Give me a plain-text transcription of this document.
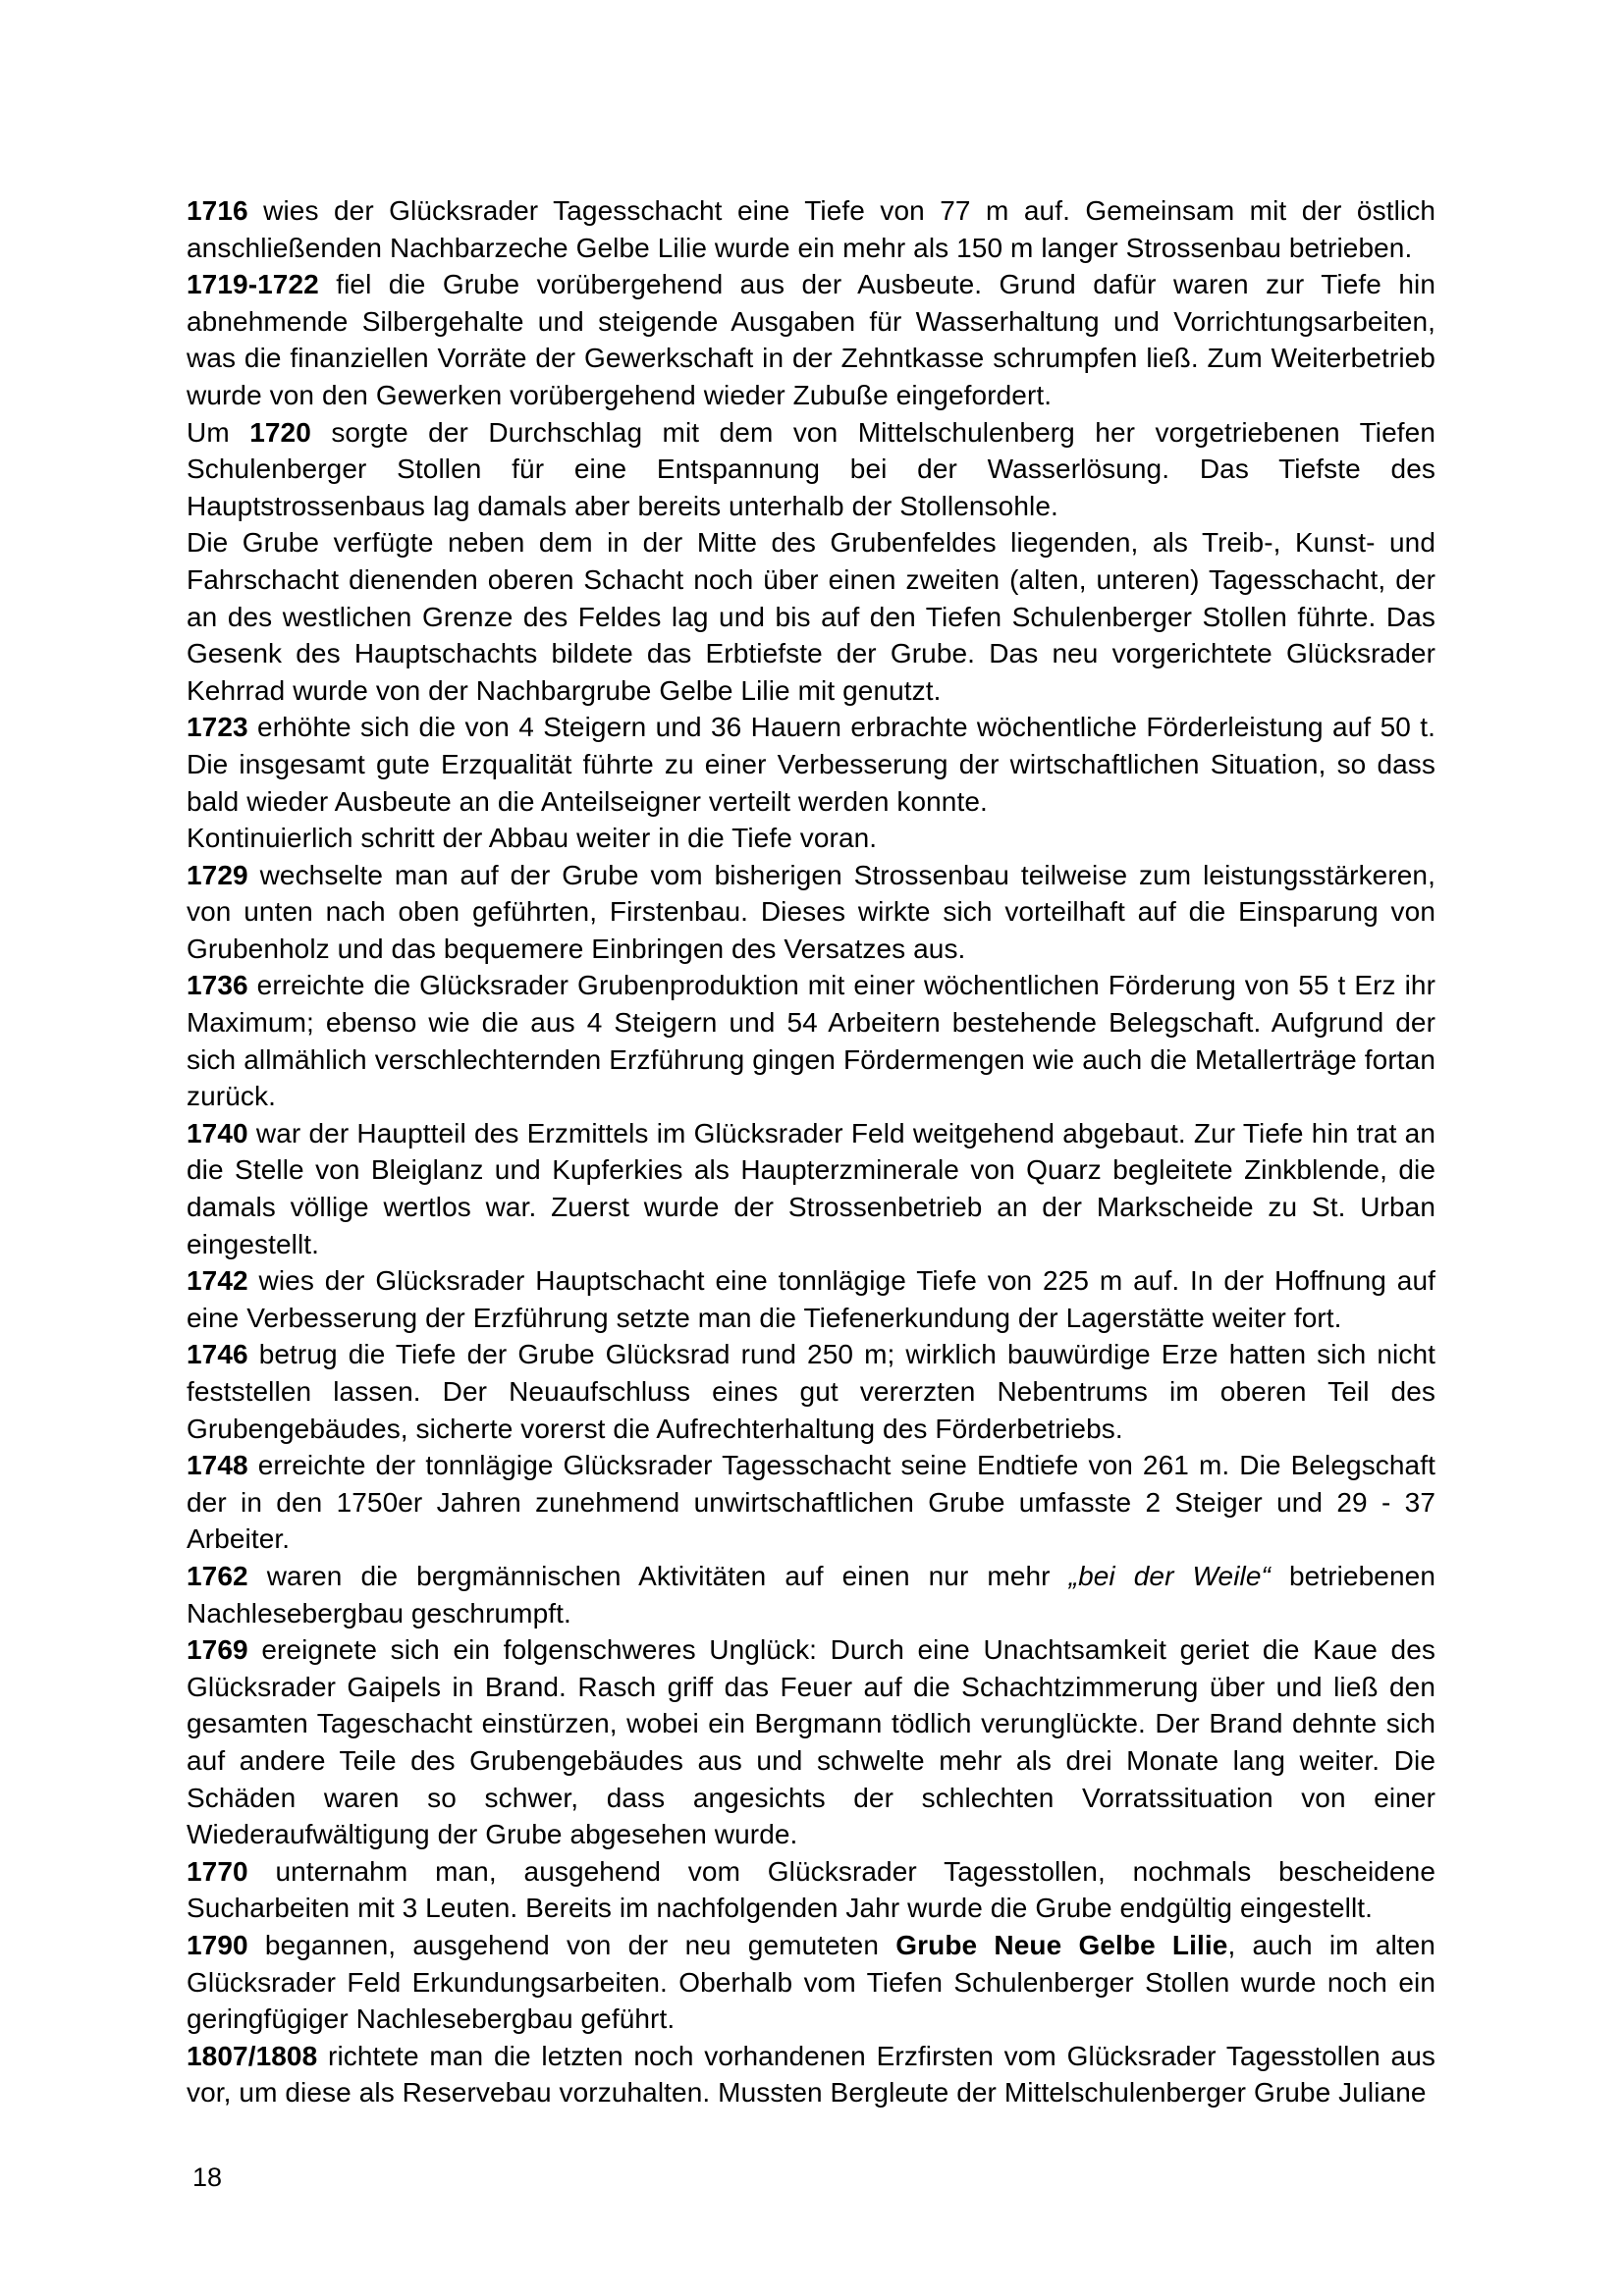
1716 wies der Glücksrader Tagesschacht eine Tiefe von 77 m auf. Gemeinsam mit der östlich anschließenden Nachbarzeche Gelbe Lilie wurde ein mehr als 150 m langer Strossenbau betrieben.

1719-1722 fiel die Grube vorübergehend aus der Ausbeute. Grund dafür waren zur Tiefe hin abnehmende Silbergehalte und steigende Ausgaben für Wasserhaltung und Vorrichtungsarbeiten, was die finanziellen Vorräte der Gewerkschaft in der Zehntkasse schrumpfen ließ. Zum Weiterbetrieb wurde von den Gewerken vorübergehend wieder Zubuße eingefordert.

Um 1720 sorgte der Durchschlag mit dem von Mittelschulenberg her vorgetriebenen Tiefen Schulenberger Stollen für eine Entspannung bei der Wasserlösung. Das Tiefste des Hauptstrossenbaus lag damals aber bereits unterhalb der Stollensohle.

Die Grube verfügte neben dem in der Mitte des Grubenfeldes liegenden, als Treib-, Kunst- und Fahrschacht dienenden oberen Schacht noch über einen zweiten (alten, unteren) Tagesschacht, der an des westlichen Grenze des Feldes lag und bis auf den Tiefen Schulenberger Stollen führte. Das Gesenk des Hauptschachts bildete das Erbtiefste der Grube. Das neu vorgerichtete Glücksrader Kehrrad wurde von der Nachbargrube Gelbe Lilie mit genutzt.

1723 erhöhte sich die von 4 Steigern und 36 Hauern erbrachte wöchentliche Förderleistung auf 50 t. Die insgesamt gute Erzqualität führte zu einer Verbesserung der wirtschaftlichen Situation, so dass bald wieder Ausbeute an die Anteilseigner verteilt werden konnte.

Kontinuierlich schritt der Abbau weiter in die Tiefe voran.

1729 wechselte man auf der Grube vom bisherigen Strossenbau teilweise zum leistungsstärkeren, von unten nach oben geführten, Firstenbau. Dieses wirkte sich vorteilhaft auf die Einsparung von Grubenholz und das bequemere Einbringen des Versatzes aus.

1736 erreichte die Glücksrader Grubenproduktion mit einer wöchentlichen Förderung von 55 t Erz ihr Maximum; ebenso wie die aus 4 Steigern und 54 Arbeitern bestehende Belegschaft. Aufgrund der sich allmählich verschlechternden Erzführung gingen Fördermengen wie auch die Metallerträge fortan zurück.

1740 war der Hauptteil des Erzmittels im Glücksrader Feld weitgehend abgebaut. Zur Tiefe hin trat an die Stelle von Bleiglanz und Kupferkies als Haupterzminerale von Quarz begleitete Zinkblende, die damals völlige wertlos war. Zuerst wurde der Strossenbetrieb an der Markscheide zu St. Urban eingestellt.

1742 wies der Glücksrader Hauptschacht eine tonnlägige Tiefe von 225 m auf. In der Hoffnung auf eine Verbesserung der Erzführung setzte man die Tiefenerkundung der Lagerstätte weiter fort.

1746 betrug die Tiefe der Grube Glücksrad rund 250 m; wirklich bauwürdige Erze hatten sich nicht feststellen lassen. Der Neuaufschluss eines gut vererzten Nebentrums im oberen Teil des Grubengebäudes, sicherte vorerst die Aufrechterhaltung des Förderbetriebs.

1748 erreichte der tonnlägige Glücksrader Tagesschacht seine Endtiefe von 261 m. Die Belegschaft der in den 1750er Jahren zunehmend unwirtschaftlichen Grube umfasste 2 Steiger und 29 - 37 Arbeiter.

1762 waren die bergmännischen Aktivitäten auf einen nur mehr „bei der Weile“ betriebenen Nachlesebergbau geschrumpft.

1769 ereignete sich ein folgenschweres Unglück: Durch eine Unachtsamkeit geriet die Kaue des Glücksrader Gaipels in Brand. Rasch griff das Feuer auf die Schachtzimmerung über und ließ den gesamten Tageschacht einstürzen, wobei ein Bergmann tödlich verunglückte. Der Brand dehnte sich auf andere Teile des Grubengebäudes aus und schwelte mehr als drei Monate lang weiter. Die Schäden waren so schwer, dass angesichts der schlechten Vorratssituation von einer Wiederaufwältigung der Grube abgesehen wurde.

1770 unternahm man, ausgehend vom Glücksrader Tagesstollen, nochmals bescheidene Sucharbeiten mit 3 Leuten. Bereits im nachfolgenden Jahr wurde die Grube endgültig eingestellt.

1790 begannen, ausgehend von der neu gemuteten Grube Neue Gelbe Lilie, auch im alten Glücksrader Feld Erkundungsarbeiten. Oberhalb vom Tiefen Schulenberger Stollen wurde noch ein geringfügiger Nachlesebergbau geführt.

1807/1808 richtete man die letzten noch vorhandenen Erzfirsten vom Glücksrader Tagesstollen aus vor, um diese als Reservebau vorzuhalten. Mussten Bergleute der Mittelschulenberger Grube Juliane

18
